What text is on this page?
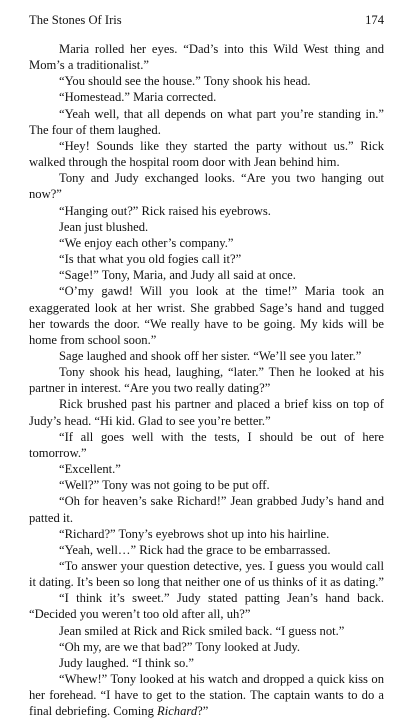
The Stones Of Iris	174

Maria rolled her eyes. “Dad’s into this Wild West thing and Mom’s a traditionalist.”

“You should see the house.” Tony shook his head.

“Homestead.” Maria corrected.

“Yeah well, that all depends on what part you’re standing in.” The four of them laughed.

“Hey! Sounds like they started the party without us.” Rick walked through the hospital room door with Jean behind him.

Tony and Judy exchanged looks. “Are you two hanging out now?”

“Hanging out?” Rick raised his eyebrows.

Jean just blushed.

“We enjoy each other’s company.”

“Is that what you old fogies call it?”

“Sage!” Tony, Maria, and Judy all said at once.

“O’my gawd! Will you look at the time!” Maria took an exaggerated look at her wrist. She grabbed Sage’s hand and tugged her towards the door. “We really have to be going. My kids will be home from school soon.”

Sage laughed and shook off her sister. “We’ll see you later.”

Tony shook his head, laughing, “later.” Then he looked at his partner in interest. “Are you two really dating?”

Rick brushed past his partner and placed a brief kiss on top of Judy’s head. “Hi kid. Glad to see you’re better.”

“If all goes well with the tests, I should be out of here tomorrow.”

“Excellent.”

“Well?” Tony was not going to be put off.

“Oh for heaven’s sake Richard!” Jean grabbed Judy’s hand and patted it.

“Richard?” Tony’s eyebrows shot up into his hairline.

“Yeah, well…” Rick had the grace to be embarrassed.

“To answer your question detective, yes. I guess you would call it dating. It’s been so long that neither one of us thinks of it as dating.”

“I think it’s sweet.” Judy stated patting Jean’s hand back. “Decided you weren’t too old after all, uh?”

Jean smiled at Rick and Rick smiled back. “I guess not.”

“Oh my, are we that bad?” Tony looked at Judy.

Judy laughed. “I think so.”

“Whew!” Tony looked at his watch and dropped a quick kiss on her forehead. “I have to get to the station. The captain wants to do a final debriefing. Coming Richard?”
